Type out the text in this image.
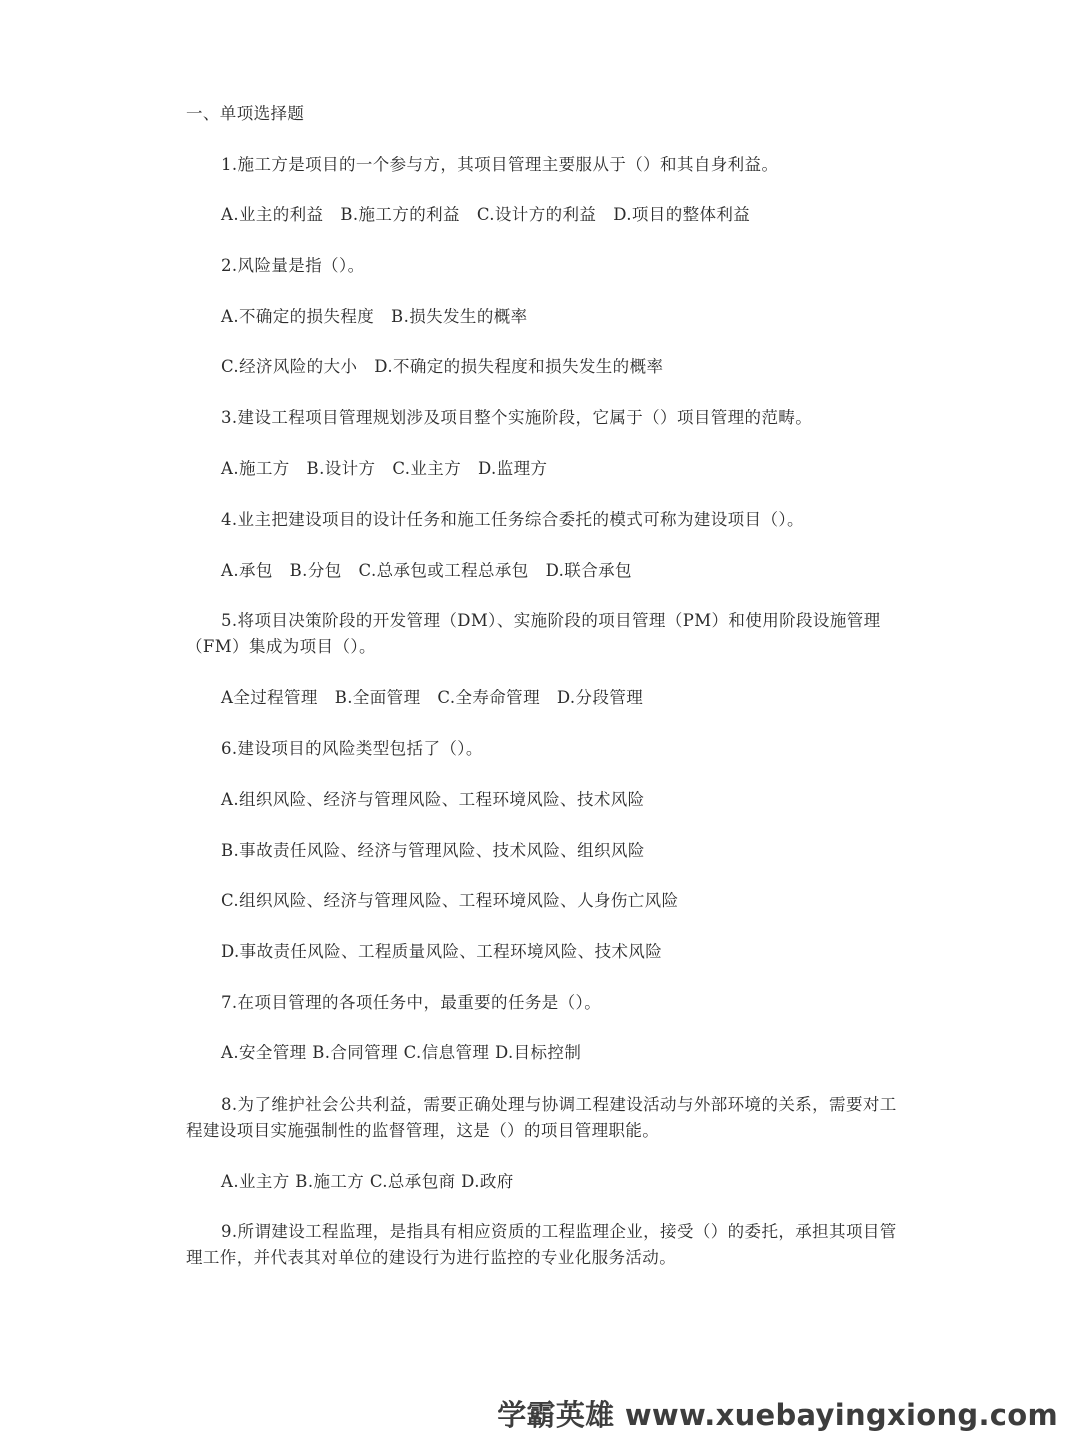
一、单项选择题
1.施工方是项目的一个参与方，其项目管理主要服从于（）和其自身利益。
A.业主的利益　B.施工方的利益　C.设计方的利益　D.项目的整体利益
2.风险量是指（）。
A.不确定的损失程度　B.损失发生的概率
C.经济风险的大小　D.不确定的损失程度和损失发生的概率
3.建设工程项目管理规划涉及项目整个实施阶段，它属于（）项目管理的范畴。
A.施工方　B.设计方　C.业主方　D.监理方
4.业主把建设项目的设计任务和施工任务综合委托的模式可称为建设项目（）。
A.承包　B.分包　C.总承包或工程总承包　D.联合承包
5.将项目决策阶段的开发管理（DM）、实施阶段的项目管理（PM）和使用阶段设施管理（FM）集成为项目（）。
A全过程管理　B.全面管理　C.全寿命管理　D.分段管理
6.建设项目的风险类型包括了（）。
A.组织风险、经济与管理风险、工程环境风险、技术风险
B.事故责任风险、经济与管理风险、技术风险、组织风险
C.组织风险、经济与管理风险、工程环境风险、人身伤亡风险
D.事故责任风险、工程质量风险、工程环境风险、技术风险
7.在项目管理的各项任务中，最重要的任务是（）。
A.安全管理 B.合同管理 C.信息管理 D.目标控制
8.为了维护社会公共利益，需要正确处理与协调工程建设活动与外部环境的关系，需要对工程建设项目实施强制性的监督管理，这是（）的项目管理职能。
A.业主方 B.施工方 C.总承包商 D.政府
9.所谓建设工程监理，是指具有相应资质的工程监理企业，接受（）的委托，承担其项目管理工作，并代表其对单位的建设行为进行监控的专业化服务活动。
学霸英雄 www.xuebayingxiong.com
